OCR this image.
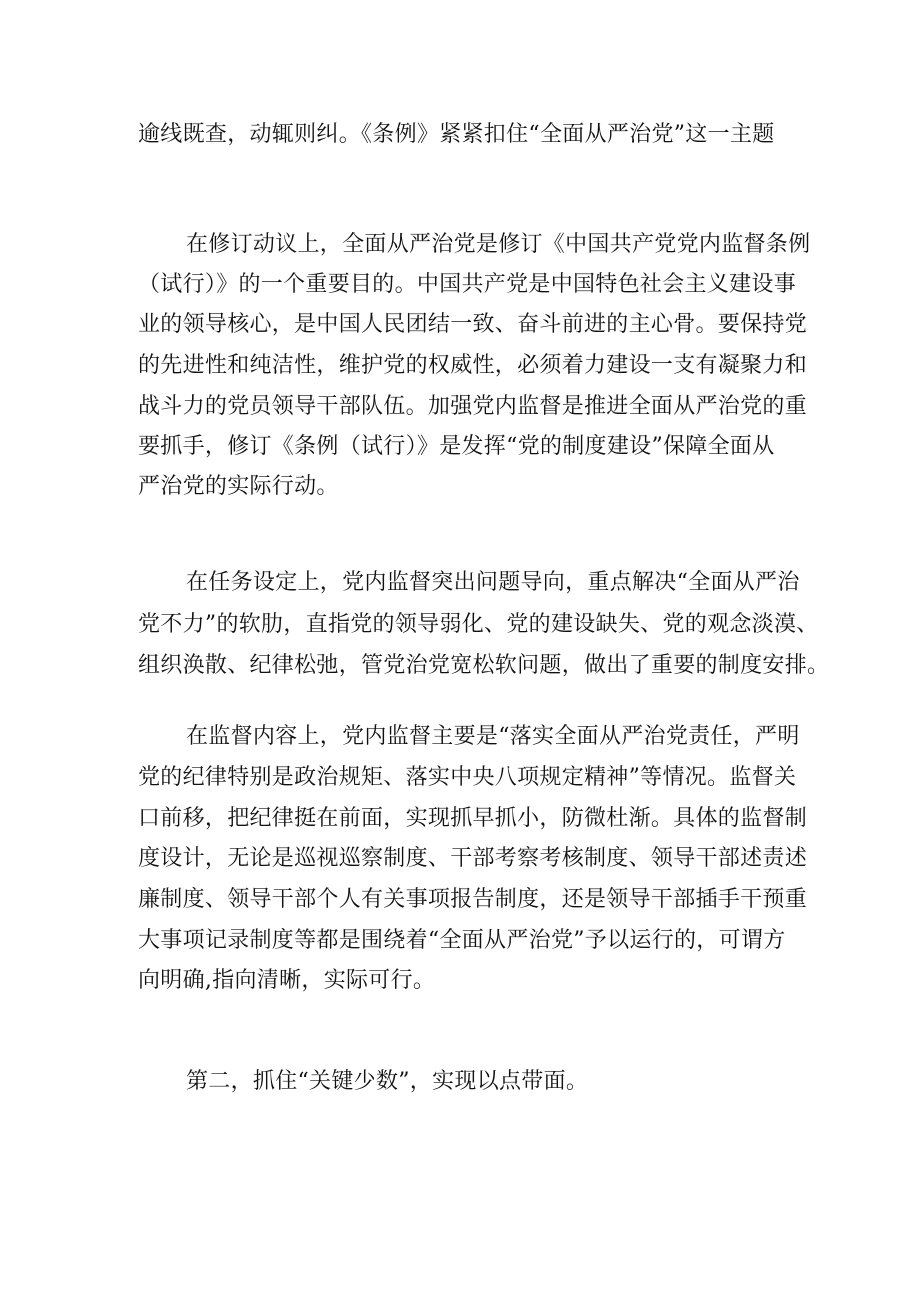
逾线既查，动辄则纠。《条例》紧紧扣住“全面从严治党”这一主题
在修订动议上，全面从严治党是修订《中国共产党党内监督条例
（试行）》的一个重要目的。中国共产党是中国特色社会主义建设事
业的领导核心，是中国人民团结一致、奋斗前进的主心骨。要保持党
的先进性和纯洁性，维护党的权威性，必须着力建设一支有凝聚力和
战斗力的党员领导干部队伍。加强党内监督是推进全面从严治党的重
要抓手，修订《条例（试行）》是发挥“党的制度建设”保障全面从
严治党的实际行动。
在任务设定上，党内监督突出问题导向，重点解决“全面从严治
党不力”的软肋，直指党的领导弱化、党的建设缺失、党的观念淡漠、
组织涣散、纪律松弛，管党治党宽松软问题，做出了重要的制度安排。
在监督内容上，党内监督主要是“落实全面从严治党责任，严明
党的纪律特别是政治规矩、落实中央八项规定精神”等情况。监督关
口前移，把纪律挺在前面，实现抓早抓小，防微杜渐。具体的监督制
度设计，无论是巡视巡察制度、干部考察考核制度、领导干部述责述
廉制度、领导干部个人有关事项报告制度，还是领导干部插手干预重
大事项记录制度等都是围绕着“全面从严治党”予以运行的，可谓方
向明确,指向清晰，实际可行。
第二，抓住“关键少数”，实现以点带面。
